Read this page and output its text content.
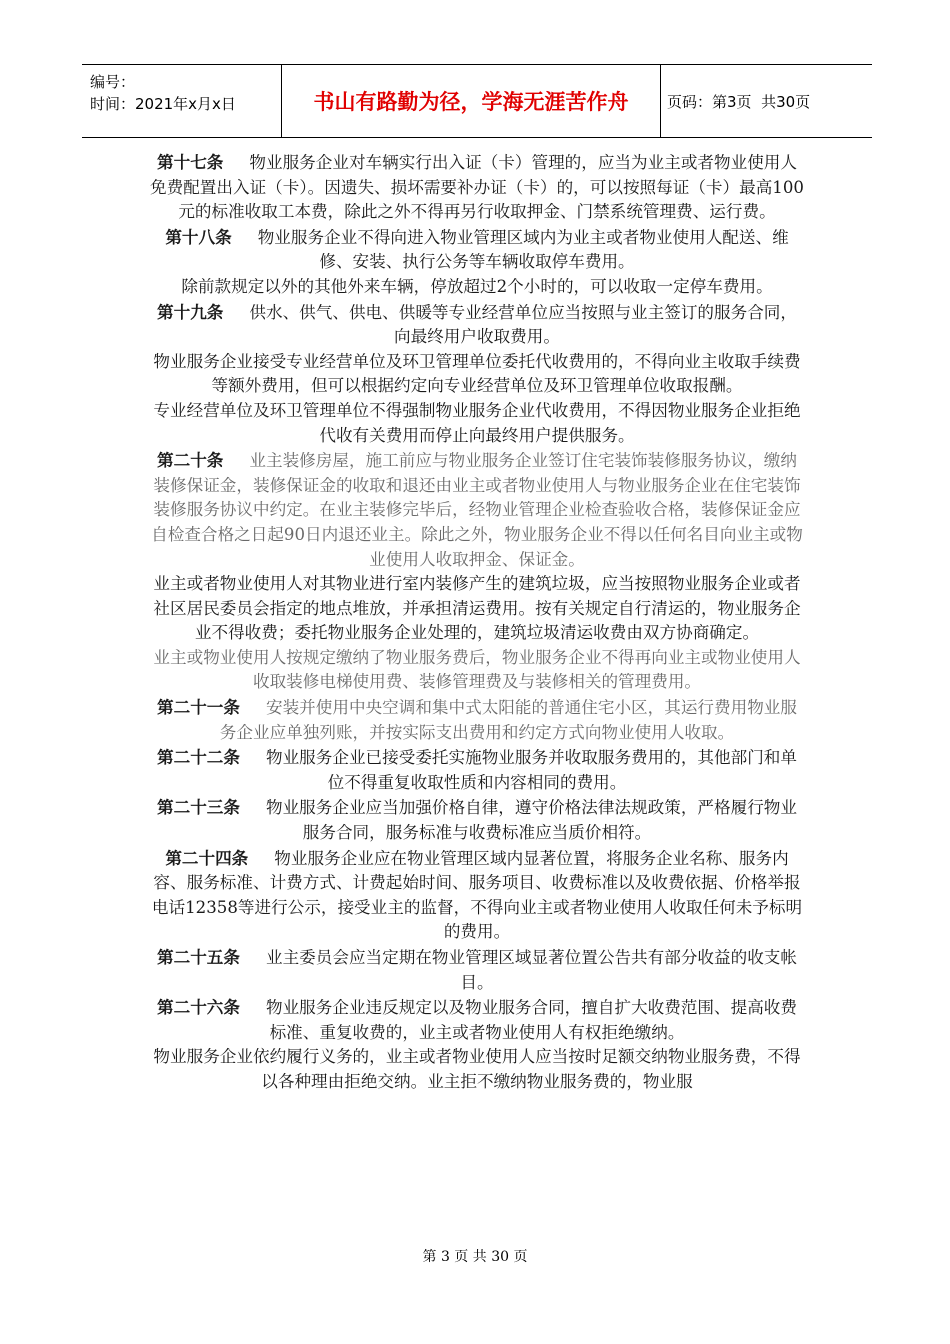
编号：
时间：2021年x月x日	书山有路勤为径，学海无涯苦作舟	页码：第3页  共30页

第十七条 物业服务企业对车辆实行出入证（卡）管理的，应当为业主或者物业使用人免费配置出入证（卡）。因遗失、损坏需要补办证（卡）的，可以按照每证（卡）最高100元的标准收取工本费，除此之外不得再另行收取押金、门禁系统管理费、运行费。

第十八条 物业服务企业不得向进入物业管理区域内为业主或者物业使用人配送、维修、安装、执行公务等车辆收取停车费用。

除前款规定以外的其他外来车辆，停放超过2个小时的，可以收取一定停车费用。

第十九条 供水、供气、供电、供暖等专业经营单位应当按照与业主签订的服务合同，向最终用户收取费用。

物业服务企业接受专业经营单位及环卫管理单位委托代收费用的，不得向业主收取手续费等额外费用，但可以根据约定向专业经营单位及环卫管理单位收取报酬。

专业经营单位及环卫管理单位不得强制物业服务企业代收费用，不得因物业服务企业拒绝代收有关费用而停止向最终用户提供服务。

第二十条 业主装修房屋，施工前应与物业服务企业签订住宅装饰装修服务协议，缴纳装修保证金，装修保证金的收取和退还由业主或者物业使用人与物业服务企业在住宅装饰装修服务协议中约定。在业主装修完毕后，经物业管理企业检查验收合格，装修保证金应自检查合格之日起90日内退还业主。除此之外，物业服务企业不得以任何名目向业主或物业使用人收取押金、保证金。

业主或者物业使用人对其物业进行室内装修产生的建筑垃圾，应当按照物业服务企业或者社区居民委员会指定的地点堆放，并承担清运费用。按有关规定自行清运的，物业服务企业不得收费；委托物业服务企业处理的，建筑垃圾清运收费由双方协商确定。

业主或物业使用人按规定缴纳了物业服务费后，物业服务企业不得再向业主或物业使用人收取装修电梯使用费、装修管理费及与装修相关的管理费用。

第二十一条 安装并使用中央空调和集中式太阳能的普通住宅小区，其运行费用物业服务企业应单独列账，并按实际支出费用和约定方式向物业使用人收取。

第二十二条 物业服务企业已接受委托实施物业服务并收取服务费用的，其他部门和单位不得重复收取性质和内容相同的费用。

第二十三条 物业服务企业应当加强价格自律，遵守价格法律法规政策，严格履行物业服务合同，服务标准与收费标准应当质价相符。

第二十四条 物业服务企业应在物业管理区域内显著位置，将服务企业名称、服务内容、服务标准、计费方式、计费起始时间、服务项目、收费标准以及收费依据、价格举报电话12358等进行公示，接受业主的监督，不得向业主或者物业使用人收取任何未予标明的费用。

第二十五条 业主委员会应当定期在物业管理区域显著位置公告共有部分收益的收支帐目。

第二十六条 物业服务企业违反规定以及物业服务合同，擅自扩大收费范围、提高收费标准、重复收费的，业主或者物业使用人有权拒绝缴纳。

物业服务企业依约履行义务的，业主或者物业使用人应当按时足额交纳物业服务费，不得以各种理由拒绝交纳。业主拒不缴纳物业服务费的，物业服

第 3 页 共 30 页
